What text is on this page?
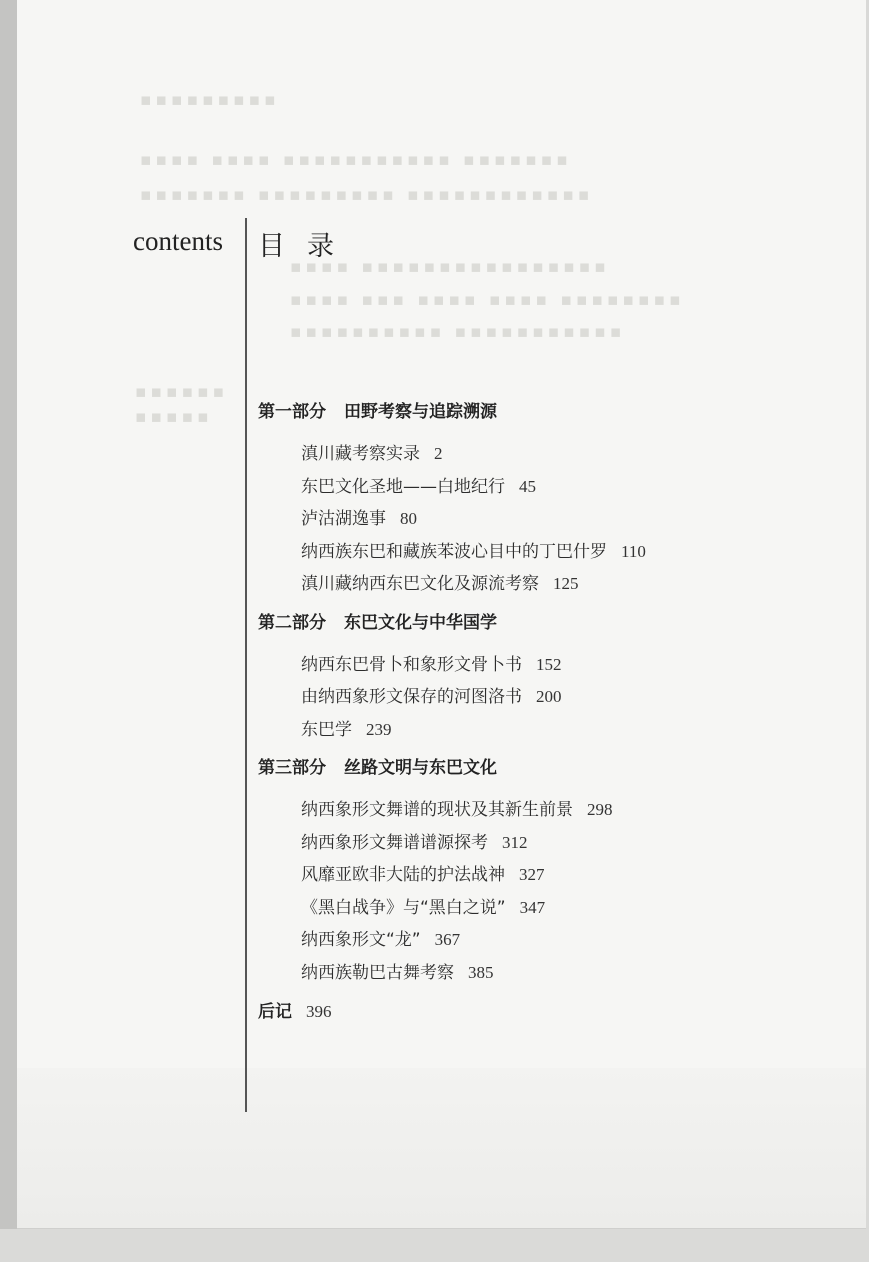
▪▪▪▪▪▪▪▪▪
▪▪▪▪ ▪▪▪▪ ▪▪▪▪▪▪▪▪▪▪▪ ▪▪▪▪▪▪▪
▪▪▪▪▪▪▪ ▪▪▪▪▪▪▪▪▪ ▪▪▪▪▪▪▪▪▪▪▪▪
▪▪▪▪ ▪▪▪▪▪▪▪▪▪▪▪▪▪▪▪▪
▪▪▪▪ ▪▪▪ ▪▪▪▪ ▪▪▪▪ ▪▪▪▪▪▪▪▪
▪▪▪▪▪▪▪▪▪▪ ▪▪▪▪▪▪▪▪▪▪▪
▪▪▪▪▪▪
▪▪▪▪▪
contents 目录
第一部分 田野考察与追踪溯源
滇川藏考察实录 2
东巴文化圣地——白地纪行 45
泸沽湖逸事 80
纳西族东巴和藏族苯波心目中的丁巴什罗 110
滇川藏纳西东巴文化及源流考察 125
第二部分 东巴文化与中华国学
纳西东巴骨卜和象形文骨卜书 152
由纳西象形文保存的河图洛书 200
东巴学 239
第三部分 丝路文明与东巴文化
纳西象形文舞谱的现状及其新生前景 298
纳西象形文舞谱谱源探考 312
风靡亚欧非大陆的护法战神 327
《黑白战争》与“黑白之说” 347
纳西象形文“龙” 367
纳西族勒巴古舞考察 385
后记 396
